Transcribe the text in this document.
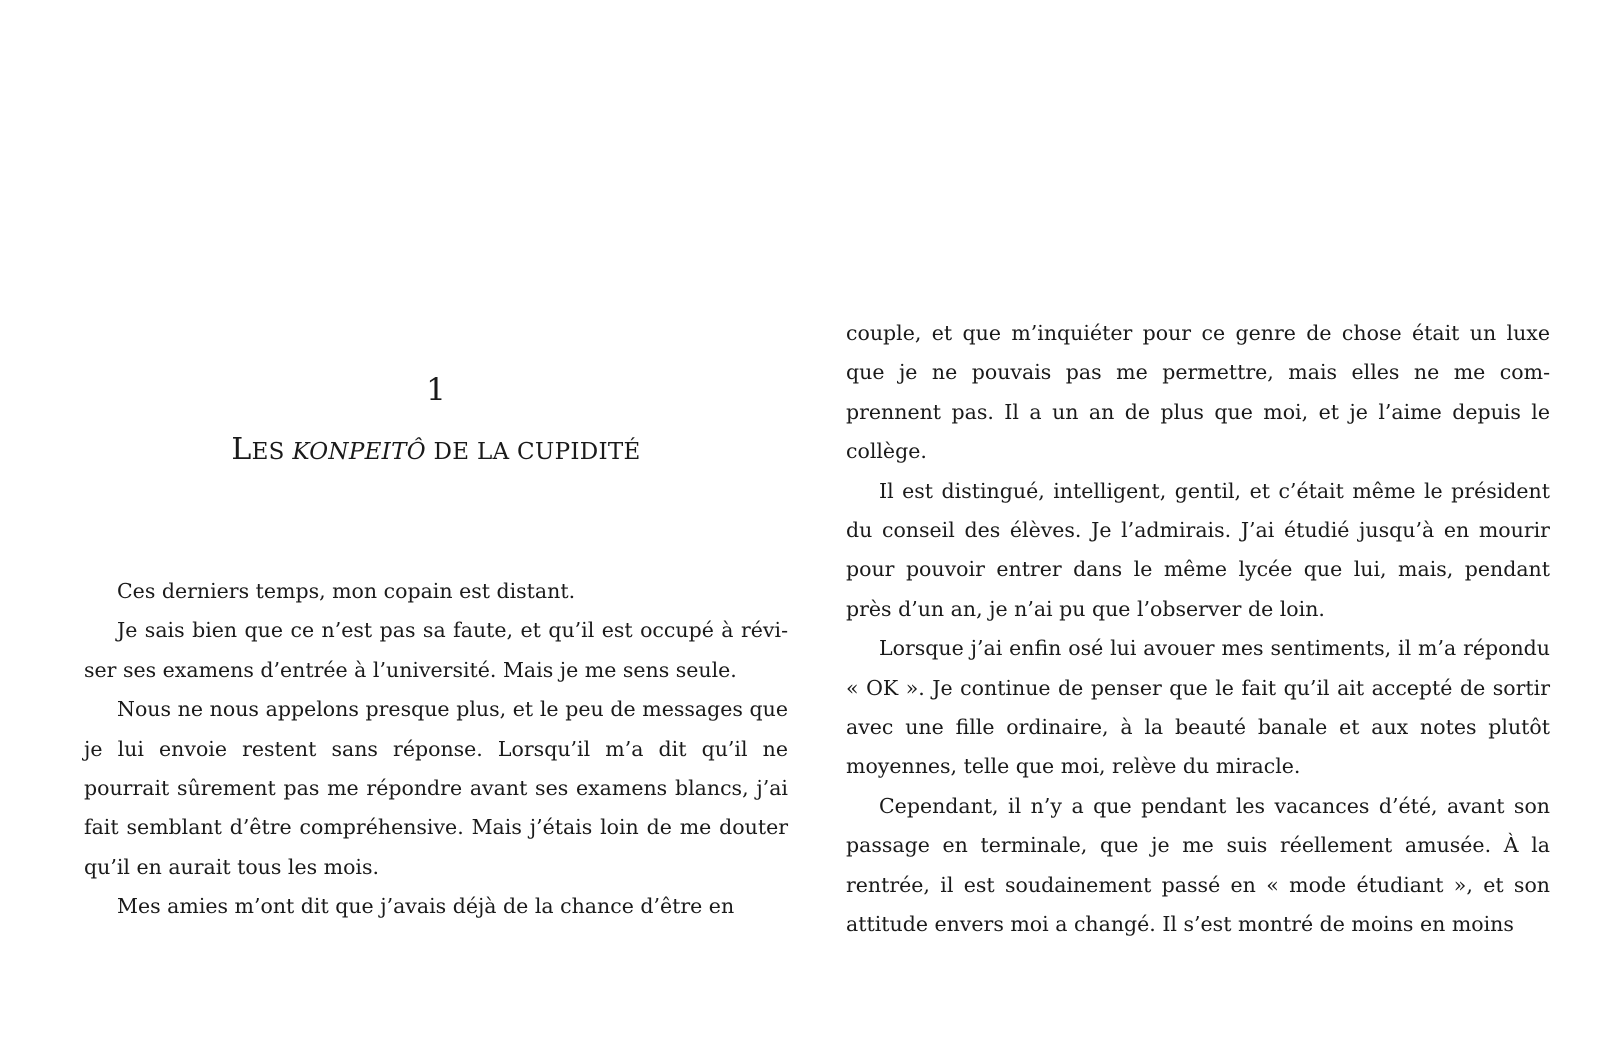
1
LES KONPEITÔ DE LA CUPIDITÉ

Ces derniers temps, mon copain est distant.

Je sais bien que ce n’est pas sa faute, et qu’il est occupé à réviser ses examens d’entrée à l’université. Mais je me sens seule.

Nous ne nous appelons presque plus, et le peu de messages que je lui envoie restent sans réponse. Lorsqu’il m’a dit qu’il ne pourrait sûrement pas me répondre avant ses examens blancs, j’ai fait semblant d’être compréhensive. Mais j’étais loin de me douter qu’il en aurait tous les mois.

Mes amies m’ont dit que j’avais déjà de la chance d’être en

couple, et que m’inquiéter pour ce genre de chose était un luxe que je ne pouvais pas me permettre, mais elles ne me comprennent pas. Il a un an de plus que moi, et je l’aime depuis le collège.

Il est distingué, intelligent, gentil, et c’était même le président du conseil des élèves. Je l’admirais. J’ai étudié jusqu’à en mourir pour pouvoir entrer dans le même lycée que lui, mais, pendant près d’un an, je n’ai pu que l’observer de loin.

Lorsque j’ai enfin osé lui avouer mes sentiments, il m’a répondu « OK ». Je continue de penser que le fait qu’il ait accepté de sortir avec une fille ordinaire, à la beauté banale et aux notes plutôt moyennes, telle que moi, relève du miracle.

Cependant, il n’y a que pendant les vacances d’été, avant son passage en terminale, que je me suis réellement amusée. À la rentrée, il est soudainement passé en « mode étudiant », et son attitude envers moi a changé. Il s’est montré de moins en moins
